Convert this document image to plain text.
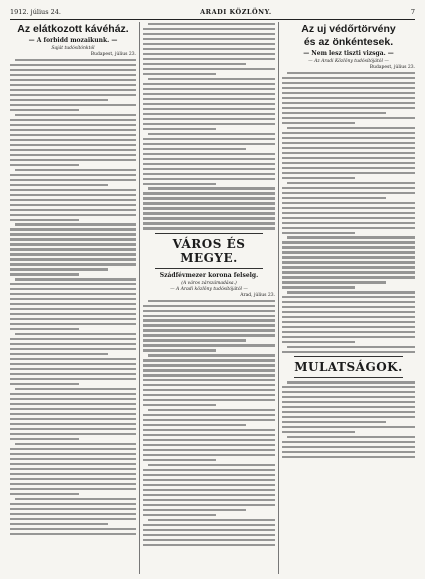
1912. július 24.	ARADI KÖZLÖNY.	7
Az elátkozott kávéház.
— A forbidd mozaikunk. —
Saját tudósítónktól
Budapest, július 23.
VÁROS ÉS MEGYE.
Szádfévmezer korona felselg.
(A város zárszámadása.)
— A Aradi közlöny tudósítójától —
Arad, július 23.
Az uj védőrtörvény
és az önkéntesek.
— Nem lesz tiszti vizsga. —
— Az Aradi Közlöny tudósítójától —
Budapest, július 23.
MULATSÁGOK.
